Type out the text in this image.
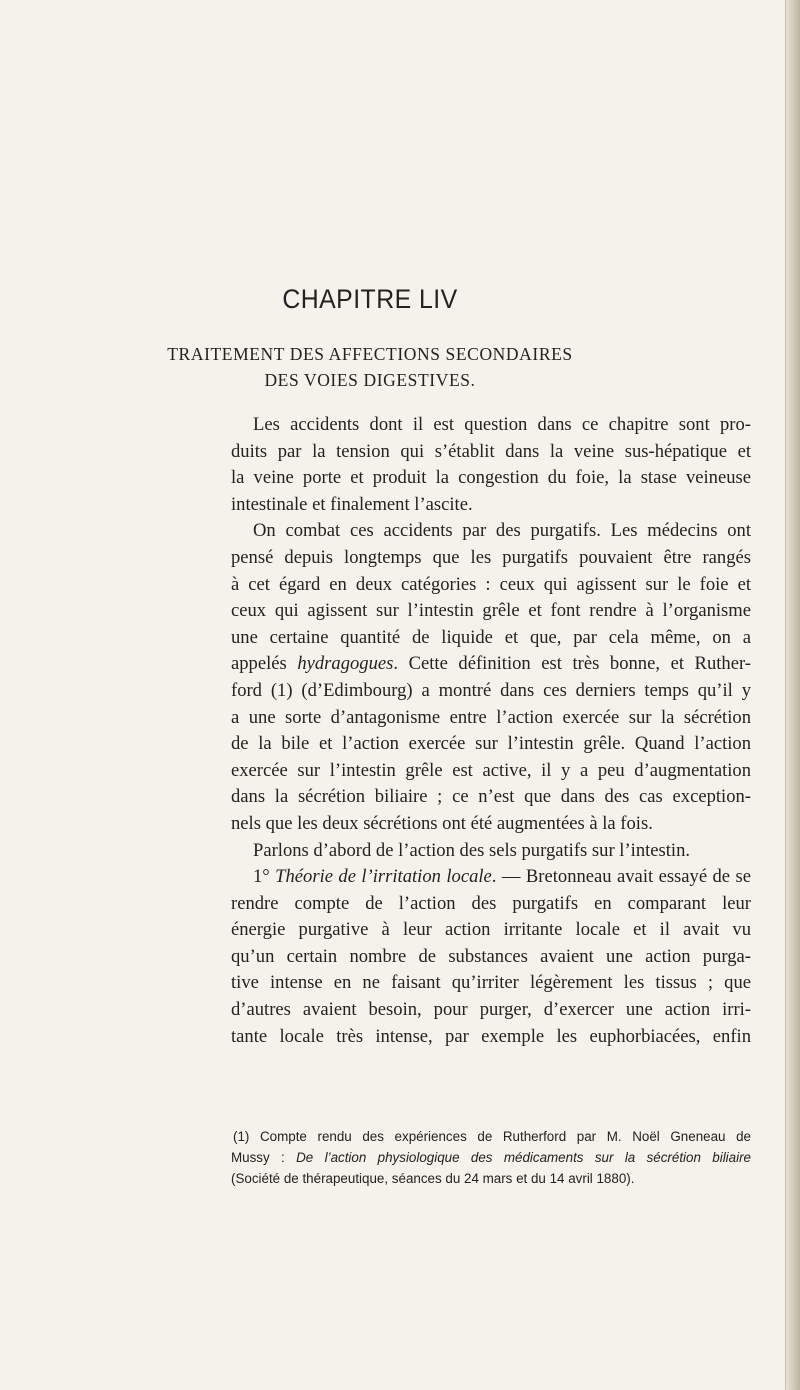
CHAPITRE LIV
TRAITEMENT DES AFFECTIONS SECONDAIRES
DES VOIES DIGESTIVES.
Les accidents dont il est question dans ce chapitre sont pro-
duits par la tension qui s’établit dans la veine sus-hépatique et
la veine porte et produit la congestion du foie, la stase veineuse
intestinale et finalement l’ascite.
On combat ces accidents par des purgatifs. Les médecins ont
pensé depuis longtemps que les purgatifs pouvaient être rangés
à cet égard en deux catégories : ceux qui agissent sur le foie et
ceux qui agissent sur l’intestin grêle et font rendre à l’organisme
une certaine quantité de liquide et que, par cela même, on a
appelés hydragogues. Cette définition est très bonne, et Ruther-
ford (1) (d’Edimbourg) a montré dans ces derniers temps qu’il y
a une sorte d’antagonisme entre l’action exercée sur la sécrétion
de la bile et l’action exercée sur l’intestin grêle. Quand l’action
exercée sur l’intestin grêle est active, il y a peu d’augmentation
dans la sécrétion biliaire ; ce n’est que dans des cas exception-
nels que les deux sécrétions ont été augmentées à la fois.
Parlons d’abord de l’action des sels purgatifs sur l’intestin.
1° Théorie de l’irritation locale. — Bretonneau avait essayé de se
rendre compte de l’action des purgatifs en comparant leur
énergie purgative à leur action irritante locale et il avait vu
qu’un certain nombre de substances avaient une action purga-
tive intense en ne faisant qu’irriter légèrement les tissus ; que
d’autres avaient besoin, pour purger, d’exercer une action irri-
tante locale très intense, par exemple les euphorbiacées, enfin
(1) Compte rendu des expériences de Rutherford par M. Noël Gneneau de
Mussy : De l’action physiologique des médicaments sur la sécrétion biliaire
(Société de thérapeutique, séances du 24 mars et du 14 avril 1880).
